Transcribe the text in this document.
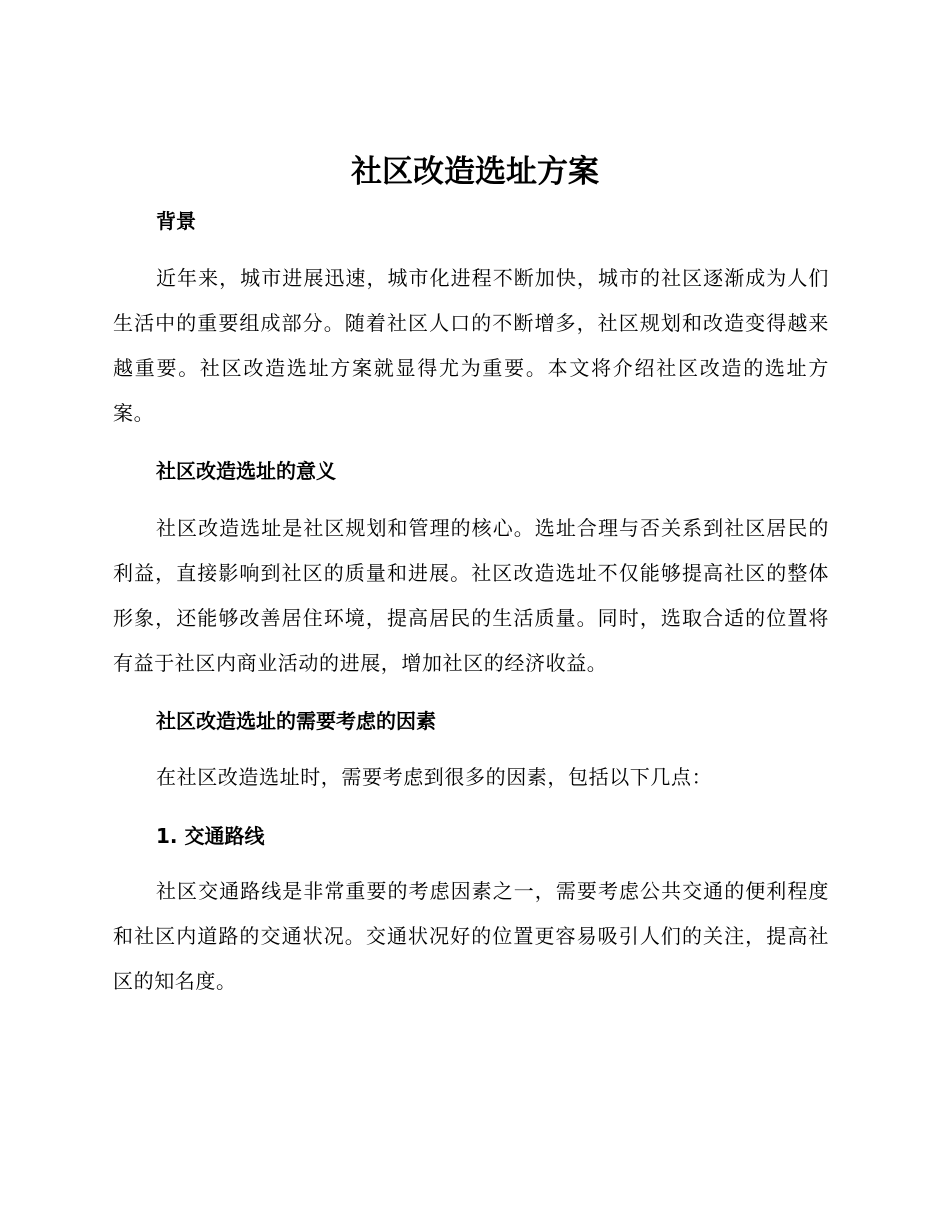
社区改造选址方案
背景
近年来，城市进展迅速，城市化进程不断加快，城市的社区逐渐成为人们生活中的重要组成部分。随着社区人口的不断增多，社区规划和改造变得越来越重要。社区改造选址方案就显得尤为重要。本文将介绍社区改造的选址方案。
社区改造选址的意义
社区改造选址是社区规划和管理的核心。选址合理与否关系到社区居民的利益，直接影响到社区的质量和进展。社区改造选址不仅能够提高社区的整体形象，还能够改善居住环境，提高居民的生活质量。同时，选取合适的位置将有益于社区内商业活动的进展，增加社区的经济收益。
社区改造选址的需要考虑的因素
在社区改造选址时，需要考虑到很多的因素，包括以下几点：
1. 交通路线
社区交通路线是非常重要的考虑因素之一，需要考虑公共交通的便利程度和社区内道路的交通状况。交通状况好的位置更容易吸引人们的关注，提高社区的知名度。
